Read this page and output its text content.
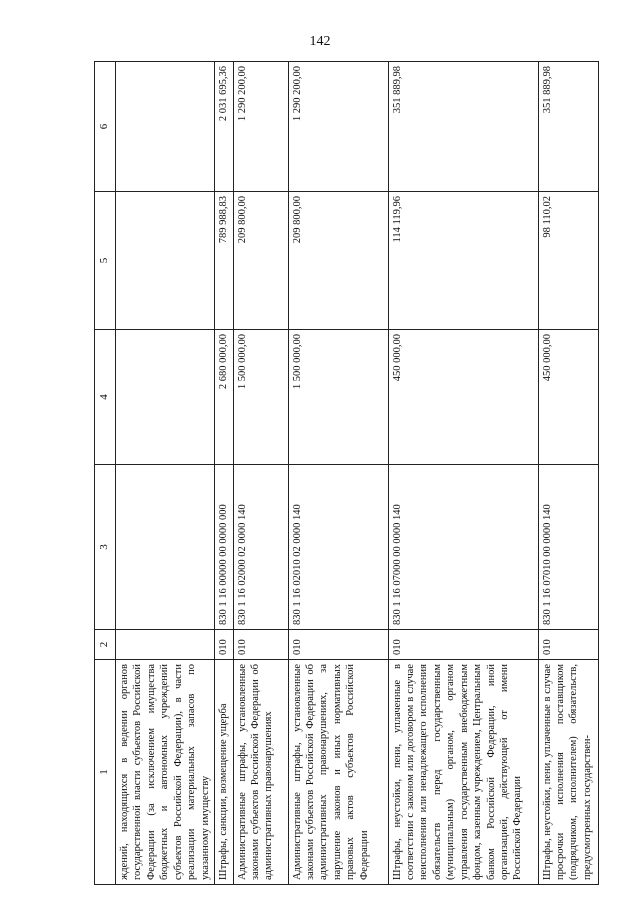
142
1	2	3	4	5	6
ждений, находящихся в ведении органов государственной власти субъектов Российской Федерации (за исключением имущества бюджетных и автономных учреждений субъектов Российской Федерации), в части реализации материальных запасов по указанному имуществу					
Штрафы, санкции, возмещение ущерба	010	830 1 16 00000 00 0000 000	2 680 000,00	789 988,83	2 031 695,36
Административные штрафы, установленные законами субъектов Российской Федерации об административных правонарушениях	010	830 1 16 02000 02 0000 140	1 500 000,00	209 800,00	1 290 200,00
Административные штрафы, установленные законами субъектов Российской Федерации об административных правонарушениях, за нарушение законов и иных нормативных правовых актов субъектов Российской Федерации	010	830 1 16 02010 02 0000 140	1 500 000,00	209 800,00	1 290 200,00
Штрафы, неустойки, пени, уплаченные в соответствии с законом или договором в случае неисполнения или ненадлежащего исполнения обязательств перед государственным (муниципальным) органом, органом управления государственным внебюджетным фондом, казенным учреждением, Центральным банком Российской Федерации, иной организацией, действующей от имени Российской Федерации	010	830 1 16 07000 00 0000 140	450 000,00	114 119,96	351 889,98
Штрафы, неустойки, пени, уплаченные в случае просрочки исполнения поставщиком (подрядчиком, исполнителем) обязательств, предусмотренных государствен-	010	830 1 16 07010 00 0000 140	450 000,00	98 110,02	351 889,98
